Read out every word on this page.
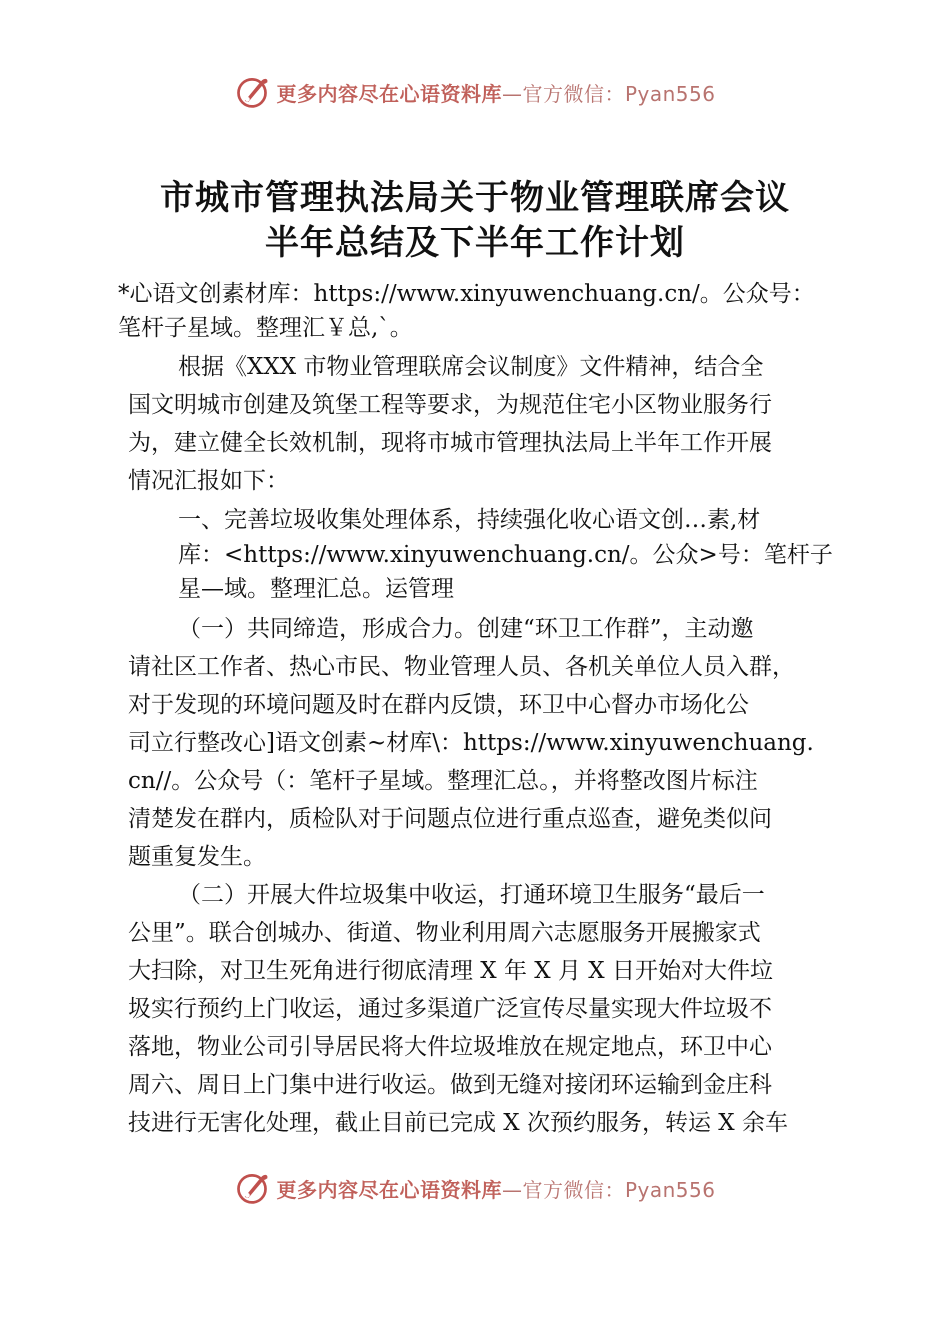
更多内容尽在心语资料库—官方微信：Pyan556
市城市管理执法局关于物业管理联席会议
半年总结及下半年工作计划
*心语文创素材库：https://www.xinyuwenchuang.cn/。公众号：
笔杆子星域。整理汇￥总,`。
根据《XXX 市物业管理联席会议制度》文件精神，结合全
国文明城市创建及筑堡工程等要求，为规范住宅小区物业服务行
为，建立健全长效机制，现将市城市管理执法局上半年工作开展
情况汇报如下：
一、完善垃圾收集处理体系，持续强化收心语文创…素,材
库：<https://www.xinyuwenchuang.cn/。公众>号：笔杆子
星—域。整理汇总。运管理
（一）共同缔造，形成合力。创建“环卫工作群”，主动邀
请社区工作者、热心市民、物业管理人员、各机关单位人员入群，
对于发现的环境问题及时在群内反馈，环卫中心督办市场化公
司立行整改心]语文创素~材库\：https://www.xinyuwenchuang.
cn//。公众号（：笔杆子星域。整理汇总。，并将整改图片标注
清楚发在群内，质检队对于问题点位进行重点巡查，避免类似问
题重复发生。
（二）开展大件垃圾集中收运，打通环境卫生服务“最后一
公里”。联合创城办、街道、物业利用周六志愿服务开展搬家式
大扫除，对卫生死角进行彻底清理 X 年 X 月 X 日开始对大件垃
圾实行预约上门收运，通过多渠道广泛宣传尽量实现大件垃圾不
落地，物业公司引导居民将大件垃圾堆放在规定地点，环卫中心
周六、周日上门集中进行收运。做到无缝对接闭环运输到金庄科
技进行无害化处理，截止目前已完成 X 次预约服务，转运 X 余车
更多内容尽在心语资料库—官方微信：Pyan556
